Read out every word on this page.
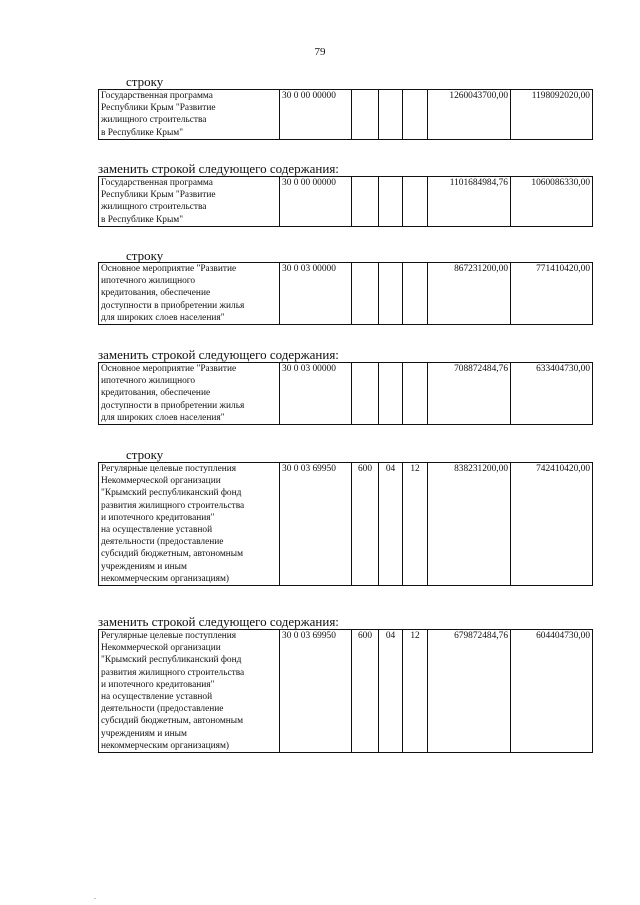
79
строку
Государственная программа
Республики Крым "Развитие
жилищного строительства
в Республике Крым"
	30 0 00 00000				1260043700,00	1198092020,00
заменить строкой следующего содержания:
Государственная программа
Республики Крым "Развитие
жилищного строительства
в Республике Крым"
	30 0 00 00000				1101684984,76	1060086330,00
строку
Основное мероприятие "Развитие
ипотечного жилищного
кредитования, обеспечение
доступности в приобретении жилья
для широких слоев населения"
	30 0 03 00000				867231200,00	771410420,00
заменить строкой следующего содержания:
Основное мероприятие "Развитие
ипотечного жилищного
кредитования, обеспечение
доступности в приобретении жилья
для широких слоев населения"
	30 0 03 00000				708872484,76	633404730,00
строку
Регулярные целевые поступления
Некоммерческой организации
"Крымский республиканский фонд
развития жилищного строительства
и ипотечного кредитования"
на осуществление уставной
деятельности (предоставление
субсидий бюджетным, автономным
учреждениям и иным
некоммерческим организациям)
	30 0 03 69950	600	04	12	838231200,00	742410420,00
заменить строкой следующего содержания:
Регулярные целевые поступления
Некоммерческой организации
"Крымский республиканский фонд
развития жилищного строительства
и ипотечного кредитования"
на осуществление уставной
деятельности (предоставление
субсидий бюджетным, автономным
учреждениям и иным
некоммерческим организациям)
	30 0 03 69950	600	04	12	679872484,76	604404730,00
.
